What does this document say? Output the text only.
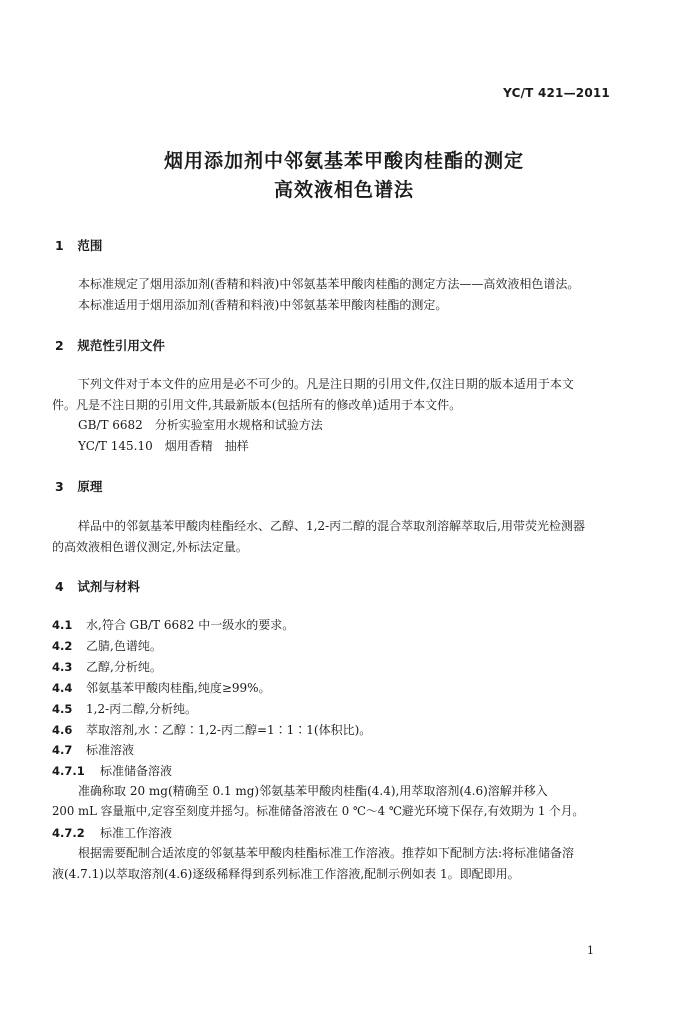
YC/T 421—2011
烟用添加剂中邻氨基苯甲酸肉桂酯的测定
高效液相色谱法
1 范围
本标准规定了烟用添加剂(香精和料液)中邻氨基苯甲酸肉桂酯的测定方法——高效液相色谱法。
本标准适用于烟用添加剂(香精和料液)中邻氨基苯甲酸肉桂酯的测定。
2 规范性引用文件
下列文件对于本文件的应用是必不可少的。凡是注日期的引用文件,仅注日期的版本适用于本文
件。凡是不注日期的引用文件,其最新版本(包括所有的修改单)适用于本文件。
GB/T 6682　分析实验室用水规格和试验方法
YC/T 145.10　烟用香精　抽样
3 原理
样品中的邻氨基苯甲酸肉桂酯经水、乙醇、1,2-丙二醇的混合萃取剂溶解萃取后,用带荧光检测器
的高效液相色谱仪测定,外标法定量。
4 试剂与材料
4.1 水,符合 GB/T 6682 中一级水的要求。
4.2 乙腈,色谱纯。
4.3 乙醇,分析纯。
4.4 邻氨基苯甲酸肉桂酯,纯度≥99%。
4.5 1,2-丙二醇,分析纯。
4.6 萃取溶剂,水∶乙醇∶1,2-丙二醇=1∶1∶1(体积比)。
4.7 标准溶液
4.7.1 标准储备溶液
准确称取 20 mg(精确至 0.1 mg)邻氨基苯甲酸肉桂酯(4.4),用萃取溶剂(4.6)溶解并移入
200 mL 容量瓶中,定容至刻度并摇匀。标准储备溶液在 0 ℃～4 ℃避光环境下保存,有效期为 1 个月。
4.7.2 标准工作溶液
根据需要配制合适浓度的邻氨基苯甲酸肉桂酯标准工作溶液。推荐如下配制方法:将标准储备溶
液(4.7.1)以萃取溶剂(4.6)逐级稀释得到系列标准工作溶液,配制示例如表 1。即配即用。
1
